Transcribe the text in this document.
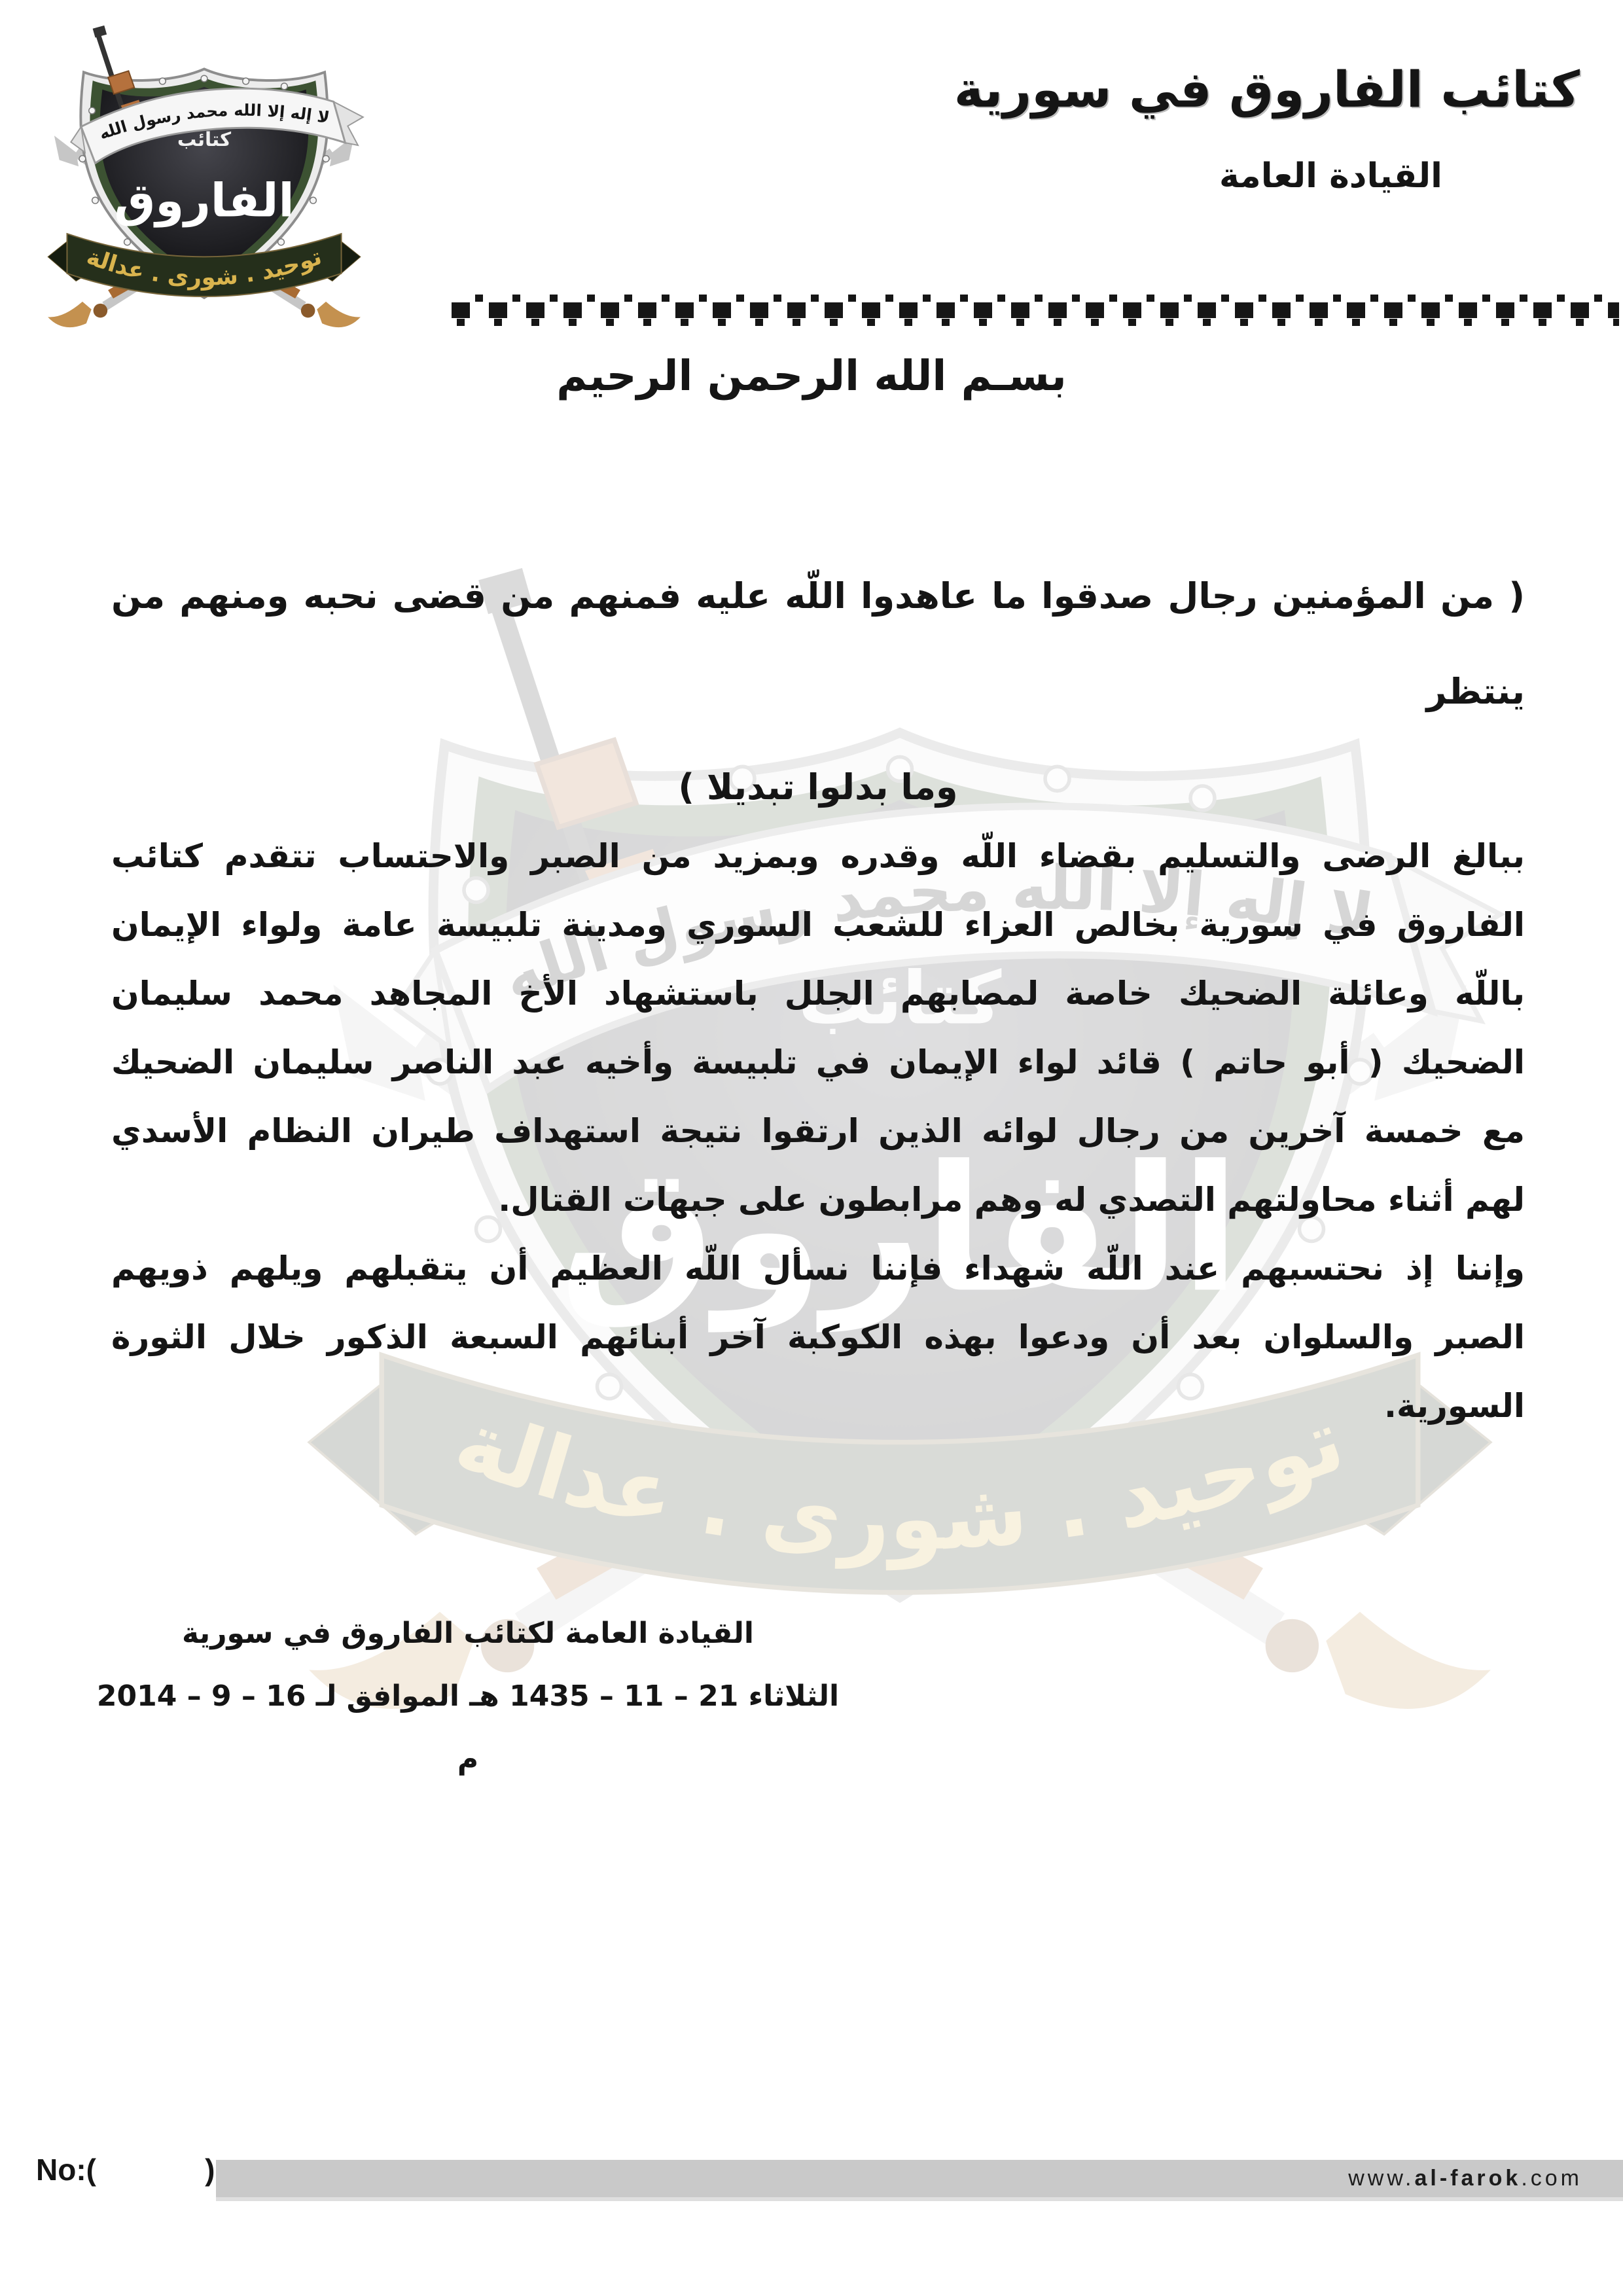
كتائب الفاروق في سورية
القيادة العامة
بسـم الله الرحمن الرحيم
( من المؤمنين رجال صدقوا ما عاهدوا اللّه عليه فمنهم من قضى نحبه ومنهم من ينتظر
وما بدلوا تبديلا )
ببالغ الرضى والتسليم بقضاء اللّه وقدره وبمزيد من الصبر والاحتساب تتقدم كتائب
الفاروق في سورية بخالص العزاء للشعب السوري ومدينة تلبيسة عامة ولواء الإيمان
باللّه وعائلة الضحيك خاصة لمصابهم الجلل باستشهاد الأخ المجاهد محمد سليمان
الضحيك ( أبو حاتم ) قائد لواء الإيمان في تلبيسة وأخيه عبد الناصر سليمان الضحيك
مع خمسة آخرين من رجال لوائه الذين ارتقوا نتيجة استهداف طيران النظام الأسدي
لهم أثناء محاولتهم التصدي له وهم مرابطون على جبهات القتال.
وإننا إذ نحتسبهم عند اللّه شهداء فإننا نسأل اللّه العظيم أن يتقبلهم ويلهم ذويهم
الصبر والسلوان بعد أن ودعوا بهذه الكوكبة آخر أبنائهم السبعة الذكور خلال الثورة
السورية.
القيادة العامة لكتائب الفاروق في سورية
الثلاثاء 21 – 11 – 1435 هـ الموافق لـ 16 – 9 – 2014 م
No:(             )	www.al-farok.com
